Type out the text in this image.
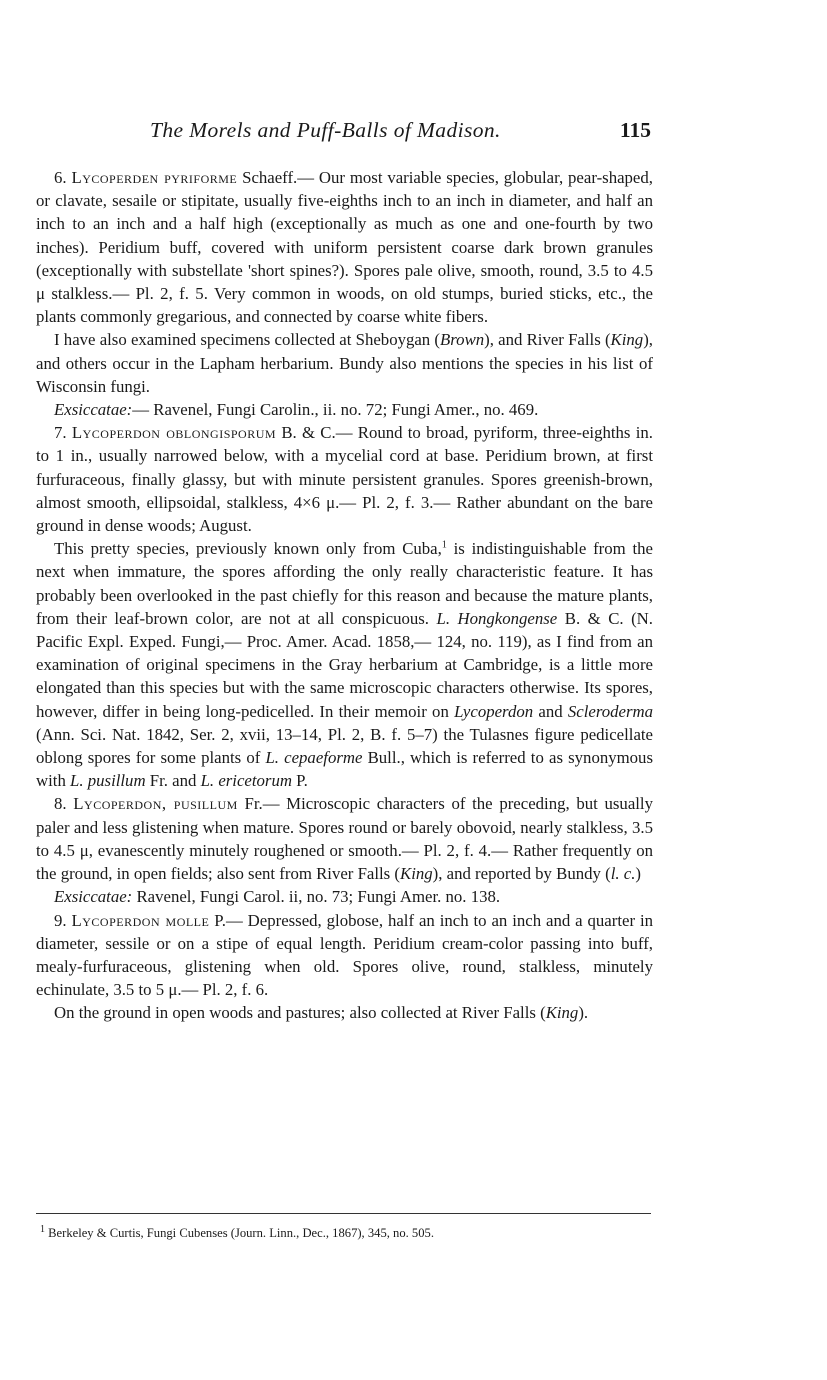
The Morels and Puff-Balls of Madison.	115

6. Lycoperden pyriforme Schaeff.— Our most variable species, globular, pear-shaped, or clavate, sesaile or stipitate, usually five-eighths inch to an inch in diameter, and half an inch to an inch and a half high (exceptionally as much as one and one-fourth by two inches). Peridium buff, covered with uniform persistent coarse dark brown granules (exceptionally with substellate 'short spines?). Spores pale olive, smooth, round, 3.5 to 4.5 μ stalkless.— Pl. 2, f. 5. Very common in woods, on old stumps, buried sticks, etc., the plants commonly gregarious, and connected by coarse white fibers.

I have also examined specimens collected at Sheboygan (Brown), and River Falls (King), and others occur in the Lapham herbarium. Bundy also mentions the species in his list of Wisconsin fungi.

Exsiccatae:— Ravenel, Fungi Carolin., ii. no. 72; Fungi Amer., no. 469.

7. Lycoperdon oblongisporum B. & C.— Round to broad, pyriform, three-eighths in. to 1 in., usually narrowed below, with a mycelial cord at base. Peridium brown, at first furfuraceous, finally glassy, but with minute persistent granules. Spores greenish-brown, almost smooth, ellipsoidal, stalkless, 4×6 μ.— Pl. 2, f. 3.— Rather abundant on the bare ground in dense woods; August.

This pretty species, previously known only from Cuba,$^1$ is indistinguishable from the next when immature, the spores affording the only really characteristic feature. It has probably been overlooked in the past chiefly for this reason and because the mature plants, from their leaf-brown color, are not at all conspicuous. L. Hongkongense B. & C. (N. Pacific Expl. Exped. Fungi,— Proc. Amer. Acad. 1858,— 124, no. 119), as I find from an examination of original specimens in the Gray herbarium at Cambridge, is a little more elongated than this species but with the same microscopic characters otherwise. Its spores, however, differ in being long-pedicelled. In their memoir on Lycoperdon and Scleroderma (Ann. Sci. Nat. 1842, Ser. 2, xvii, 13–14, Pl. 2, B. f. 5–7) the Tulasnes figure pedicellate oblong spores for some plants of L. cepaeforme Bull., which is referred to as synonymous with L. pusillum Fr. and L. ericetorum P.

8. Lycoperdon, pusillum Fr.— Microscopic characters of the preceding, but usually paler and less glistening when mature. Spores round or barely obovoid, nearly stalkless, 3.5 to 4.5 μ, evanescently minutely roughened or smooth.— Pl. 2, f. 4.— Rather frequently on the ground, in open fields; also sent from River Falls (King), and reported by Bundy (l. c.)

Exsiccatae: Ravenel, Fungi Carol. ii, no. 73; Fungi Amer. no. 138.

9. Lycoperdon molle P.— Depressed, globose, half an inch to an inch and a quarter in diameter, sessile or on a stipe of equal length. Peridium cream-color passing into buff, mealy-furfuraceous, glistening when old. Spores olive, round, stalkless, minutely echinulate, 3.5 to 5 μ.— Pl. 2, f. 6.

On the ground in open woods and pastures; also collected at River Falls (King).

$^1$ Berkeley & Curtis, Fungi Cubenses (Journ. Linn., Dec., 1867), 345, no. 505.
